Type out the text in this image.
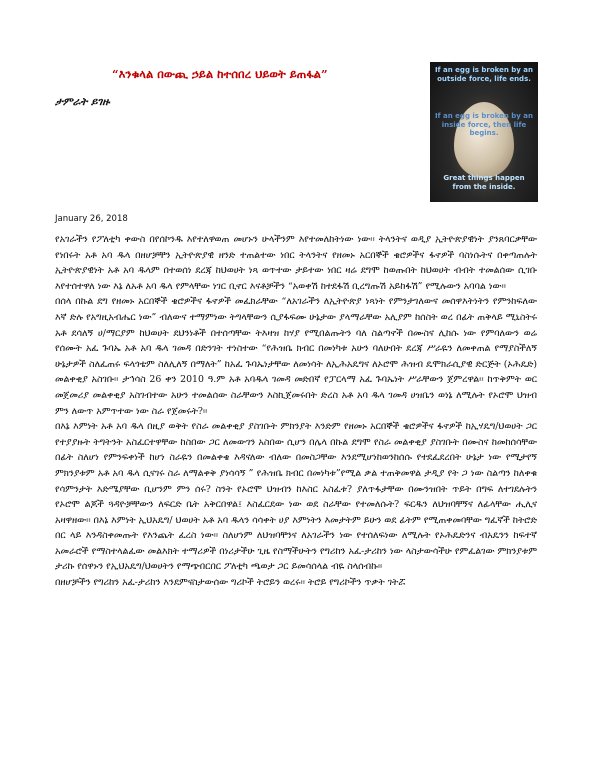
“እንቁላል በውጪ ኃይል ከተሰበረ ህይወት ይጠፋል”
ታምራት ይገዙ
If an egg is broken by an outside force, life ends.
If an egg is broken by an inside force, then life begins.
Great things happen from the inside.
January 26, 2018

የአገራችን የፖለቲካ ቀውስ በየሰኮንዱ እየተለዋወጠ መሆኑን ሁላችንም እየተመለከትነው ነው፡፡ ትላንትና ወዲያ ኢትዮጵያዊነት ያንጸባርቃቸው የነበሩት አቶ አባ ዱላ በዘሆቻቸን ኢትዮጵያዊ ዘንድ ተጠልተው ነበር ትላንትና የዘመኑ አርበኞች ቄሮዎችና ፋኖዎች ባስነሱትና በቀጣጠሉት ኢትዮጵያዊነት አቶ አባ ዱላም በተወሰነ ደረጃ ከህወሀት ነጻ ወጥተው ታይተው ነበር ዛሬ ደግሞ ከወጡበት ከህወሀት ብብት ተመልሰው ሲገቡ እየተሰተዋለ ነው እኔ ለአቶ አባ ዱላ የምላቸው ነገር ቢኖር እናቶቻችን “አወቀሽ ከተደፋሽ ቢረግጡሽ አይከፋሽ” የሚሉውን አባባል ነው፡፡

በሰላ በኩል ደግ የዘመኑ አርበኞች ቄሮዎችና ፋኖዎች መፈክራቸው “ለአገራችን ለኢትዮጵያ ነጻነት የምንታገለውና መሰዋእትነትን የምንከፍለው እኛ ድሉ የአግዚአብሔር ነው” ብለውና ተማምነው ትግላቸውን ሲያፋፍሙ ሁኔታው ያላማራቸው አሊያም ከሰስት ወረ በፊት ጠቅላይ ሚኒስትሩ አቶ ደሳለኝ ሀ/ማርያም ከህወሀት ደህንነቶች በተሰጣቸው ትእዛዝ ከሃያ የሚበልጡትን ባለ ስልጣኖች በሙስና ሊከሱ ነው የምባለውን ወሬ የሰሙት አፈ ጉባኤ አቶ አባ ዱላ ገመዳ በድንገት ተነስተው “የሕዝቤ ክብር በመነካቱ አሁን ባለሁበት ደረጃ ሥራዬን ለመቀጠል የማያስችለኝ ሁኔታዎች ስለፈጠሩ ፍላጎቴም ስለሊለኝ በማለት” ከአፈ ጉባኤነታቸው ለመነሳት ለኢሕአዴግና ለኦሮሞ ሕዝብ ዴሞክራሲያዊ ድርጅት (ኦሕዴድ) መልቀቂያ አስገቡ፡፡ ታኅሳስ 26 ቀን 2010 ዓ.ም አቶ አባዱላ ገመዳ መድበኛ የፓርላማ አፈ ጉባኤነት ሥራቸውን ጀምረዋል፡፡ ከጥቅምት ወር መጀመሪያ መልቀቂያ አስገብተው አሁን ተመልሰው ስራቸውን እስኪጀመሩበት ድረስ አቶ አባ ዱላ ገመዳ ሀዝቤን ወነኔ ለሚሉት የኦሮሞ ህዝብ ምን ለውጥ አምጥተው ነው ስራ የጀመሩት?፡፡

በእኔ እምነት አቶ አባ ዱላ በዚያ ወቅት የስራ መልቀቂያ ያስገቡት ምክንያት እንድም የዘመኑ አርበኞች ቄሮዎችና ፋኖዎች ከኢሃዴግ/ህወሀት ጋር የተያያዙት ትግትንት አስፈርተዋቸው ከስበው ጋር ለመውገን አስበው ሲሆን በሌላ በኩል ደግሞ የስራ መልቀቂያ ያስገቡት በሙስና ከመከሰሳቸው በፊት ስለሆነ የምንፍቀነች ከሆነ ስራዬን በመልቀቄ እዳናለው ብለው በመስጋቸው እንደሚሆነከወንከሰሱ የተደፈደረበት ሁኔታ ነው የሚታየኝ ምክንያቱም አቶ አባ ዱላ ሲናገሩ ስራ ለማልቀቅ ያነሳሳኝ ” የሕዝቤ ክብር በመነካቱ”የሚል ቃል ተጠቅመዋል ታዲያ የት ጋ ነው ስልጣን ከለቀቁ የሳምንታት እድሜያቸው ቢሆንም ምን ሰሩ? ስንት የኦሮሞ ህዝብን ከእስር አስፈቱ? ያለጥፋታቸው በሙንዝበት ጥይት በግፍ ለተገደሉትን የኦሮሞ ልጆች ጓዳዮቻቸውን ለፍርድ ቤት አቅርበዋል፤ እስፈርደው ነው ወደ ስራቸው የተመለሱት? ፍርዱን ለህዝባቸኝና ለፊላቸው ሒሊና አዛዋዘው፡፡ በእኔ እምነት ኢህአዴግ/ ህወሀት አቶ አባ ዱላን ሳሳቀት ሀያ እምነትን እመታትም ይሁን ወደ ፊትም የሚጠቀመባቸው ግፈኛች ከትሮድ በር ላይ እንዳስቀመጡት የእንጨት ፈረስ ነው፡፡ ስለሆነም ለህዝባቸንና ለአገራችን ነው የተሰለፍነው ለሚሉት የኦሕዴድንና ብአዴንን ከፍተኛ አመራሮች የማስተላልፈው መልእክት ተማሪዎች በነሪታችሁ ጊዜ የስማችሁትን የግሪከን አፈ-ታሪከን ነው ላስታውሳችሁ የምፈልገው ምክንያቱም ታሪኩ የሰዋኑን የኢህአዴግ/ህወሀትን የማጭበርበር ፖለቲካ ጫወታ ጋር ይመሳሰላል ብዬ ስላሰብኩ፡፡

በዘሆቻችን የግሪከን አፈ-ታሪከን እንደምናስታውሰው ግሪኮች ትሮይን ወረሩ፡፡ ትሮይ የግሪኮችን ጥቃት ገትሯ
